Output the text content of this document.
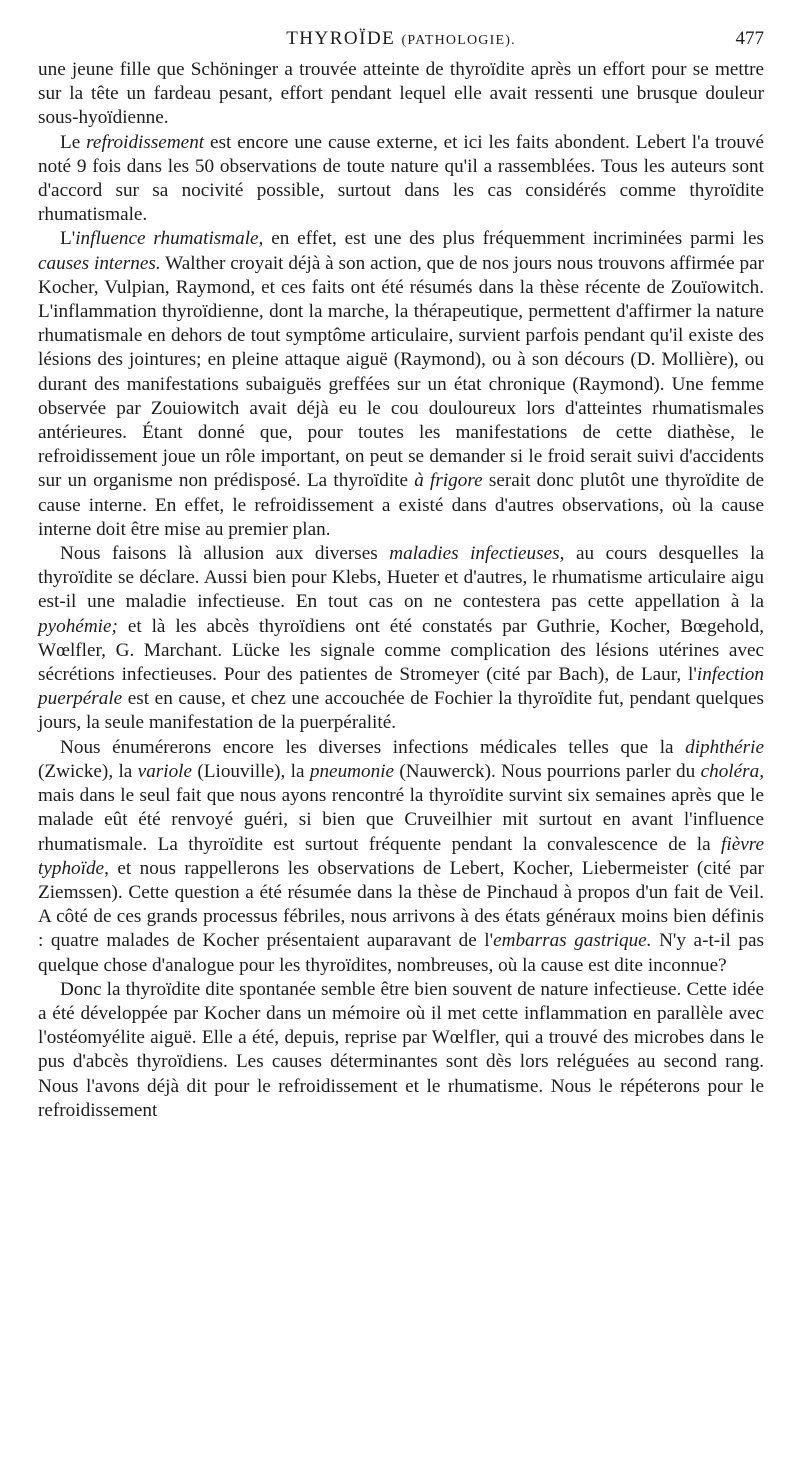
THYROÏDE (PATHOLOGIE).	477

une jeune fille que Schöninger a trouvée atteinte de thyroïdite après un effort pour se mettre sur la tête un fardeau pesant, effort pendant lequel elle avait ressenti une brusque douleur sous-hyoïdienne.

Le refroidissement est encore une cause externe, et ici les faits abondent. Lebert l'a trouvé noté 9 fois dans les 50 observations de toute nature qu'il a rassemblées. Tous les auteurs sont d'accord sur sa nocivité possible, surtout dans les cas considérés comme thyroïdite rhumatismale.

L'influence rhumatismale, en effet, est une des plus fréquemment incriminées parmi les causes internes. Walther croyait déjà à son action, que de nos jours nous trouvons affirmée par Kocher, Vulpian, Raymond, et ces faits ont été résumés dans la thèse récente de Zouïowitch. L'inflammation thyroïdienne, dont la marche, la thérapeutique, permettent d'affirmer la nature rhumatismale en dehors de tout symptôme articulaire, survient parfois pendant qu'il existe des lésions des jointures; en pleine attaque aiguë (Raymond), ou à son décours (D. Mollière), ou durant des manifestations subaiguës greffées sur un état chronique (Raymond). Une femme observée par Zouiowitch avait déjà eu le cou douloureux lors d'atteintes rhumatismales antérieures. Étant donné que, pour toutes les manifestations de cette diathèse, le refroidissement joue un rôle important, on peut se demander si le froid serait suivi d'accidents sur un organisme non prédisposé. La thyroïdite à frigore serait donc plutôt une thyroïdite de cause interne. En effet, le refroidissement a existé dans d'autres observations, où la cause interne doit être mise au premier plan.

Nous faisons là allusion aux diverses maladies infectieuses, au cours desquelles la thyroïdite se déclare. Aussi bien pour Klebs, Hueter et d'autres, le rhumatisme articulaire aigu est-il une maladie infectieuse. En tout cas on ne contestera pas cette appellation à la pyohémie; et là les abcès thyroïdiens ont été constatés par Guthrie, Kocher, Bœgehold, Wœlfler, G. Marchant. Lücke les signale comme complication des lésions utérines avec sécrétions infectieuses. Pour des patientes de Stromeyer (cité par Bach), de Laur, l'infection puerpérale est en cause, et chez une accouchée de Fochier la thyroïdite fut, pendant quelques jours, la seule manifestation de la puerpéralité.

Nous énumérerons encore les diverses infections médicales telles que la diphthérie (Zwicke), la variole (Liouville), la pneumonie (Nauwerck). Nous pourrions parler du choléra, mais dans le seul fait que nous ayons rencontré la thyroïdite survint six semaines après que le malade eût été renvoyé guéri, si bien que Cruveilhier mit surtout en avant l'influence rhumatismale. La thyroïdite est surtout fréquente pendant la convalescence de la fièvre typhoïde, et nous rappellerons les observations de Lebert, Kocher, Liebermeister (cité par Ziemssen). Cette question a été résumée dans la thèse de Pinchaud à propos d'un fait de Veil. A côté de ces grands processus fébriles, nous arrivons à des états généraux moins bien définis : quatre malades de Kocher présentaient auparavant de l'embarras gastrique. N'y a-t-il pas quelque chose d'analogue pour les thyroïdites, nombreuses, où la cause est dite inconnue?

Donc la thyroïdite dite spontanée semble être bien souvent de nature infectieuse. Cette idée a été développée par Kocher dans un mémoire où il met cette inflammation en parallèle avec l'ostéomyélite aiguë. Elle a été, depuis, reprise par Wœlfler, qui a trouvé des microbes dans le pus d'abcès thyroïdiens. Les causes déterminantes sont dès lors reléguées au second rang. Nous l'avons déjà dit pour le refroidissement et le rhumatisme. Nous le répéterons pour le refroidissement
